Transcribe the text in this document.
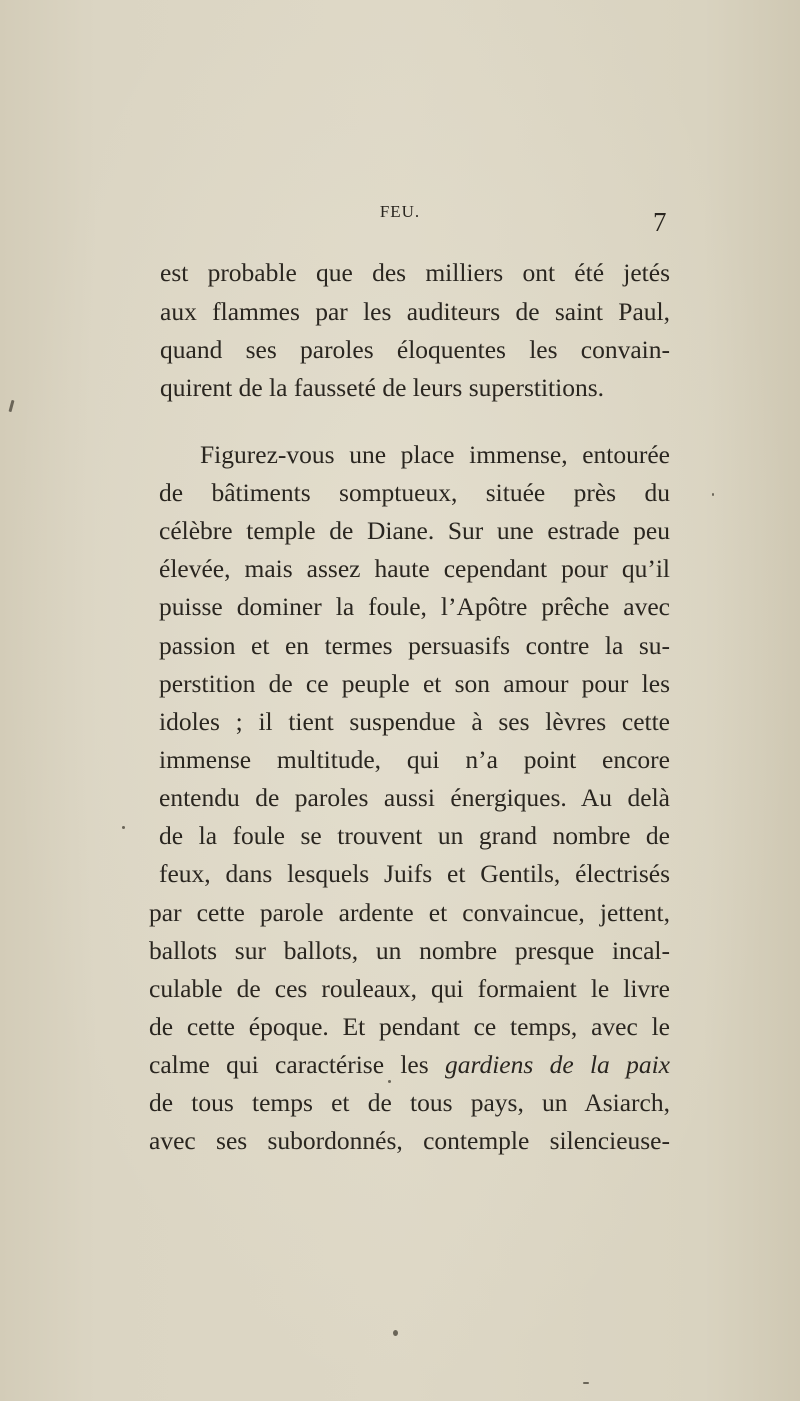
FEU.	7
est probable que des milliers ont été jetés
aux flammes par les auditeurs de saint Paul,
quand ses paroles éloquentes les convain-
quirent de la fausseté de leurs superstitions.
Figurez-vous une place immense, entourée
de bâtiments somptueux, située près du
célèbre temple de Diane. Sur une estrade peu
élevée, mais assez haute cependant pour qu’il
puisse dominer la foule, l’Apôtre prêche avec
passion et en termes persuasifs contre la su-
perstition de ce peuple et son amour pour les
idoles ; il tient suspendue à ses lèvres cette
immense multitude, qui n’a point encore
entendu de paroles aussi énergiques. Au delà
de la foule se trouvent un grand nombre de
feux, dans lesquels Juifs et Gentils, électrisés
par cette parole ardente et convaincue, jettent,
ballots sur ballots, un nombre presque incal-
culable de ces rouleaux, qui formaient le livre
de cette époque. Et pendant ce temps, avec le
calme qui caractérise les gardiens de la paix
de tous temps et de tous pays, un Asiarch,
avec ses subordonnés, contemple silencieuse-
